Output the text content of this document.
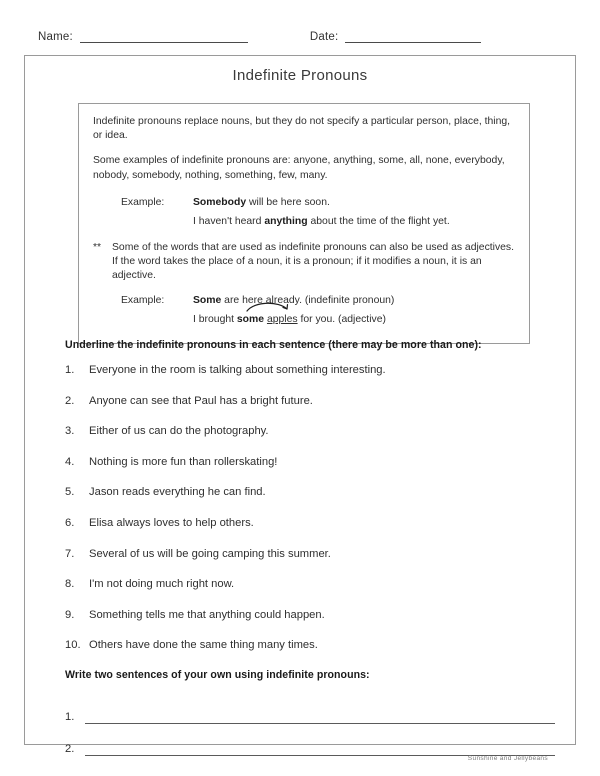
Name:	Date:
Indefinite Pronouns

Indefinite pronouns replace nouns, but they do not specify a particular person, place, thing, or idea.

Some examples of indefinite pronouns are: anyone, anything, some, all, none, everybody, nobody, somebody, nothing, something, few, many.

Example:	Somebody will be here soon.
I haven't heard anything about the time of the flight yet.
**	Some of the words that are used as indefinite pronouns can also be used as adjectives. If the word takes the place of a noun, it is a pronoun; if it modifies a noun, it is an adjective.
Example:	Some are here already. (indefinite pronoun)
I brought
some apples for you. (adjective)
Underline the indefinite pronouns in each sentence (there may be more than one):
1.	Everyone in the room is talking about something interesting.
2.	Anyone can see that Paul has a bright future.
3.	Either of us can do the photography.
4.	Nothing is more fun than rollerskating!
5.	Jason reads everything he can find.
6.	Elisa always loves to help others.
7.	Several of us will be going camping this summer.
8.	I'm not doing much right now.
9.	Something tells me that anything could happen.
10. Others have done the same thing many times.
Write two sentences of your own using indefinite pronouns:
1.
2.
Sunshine and Jellybeans
